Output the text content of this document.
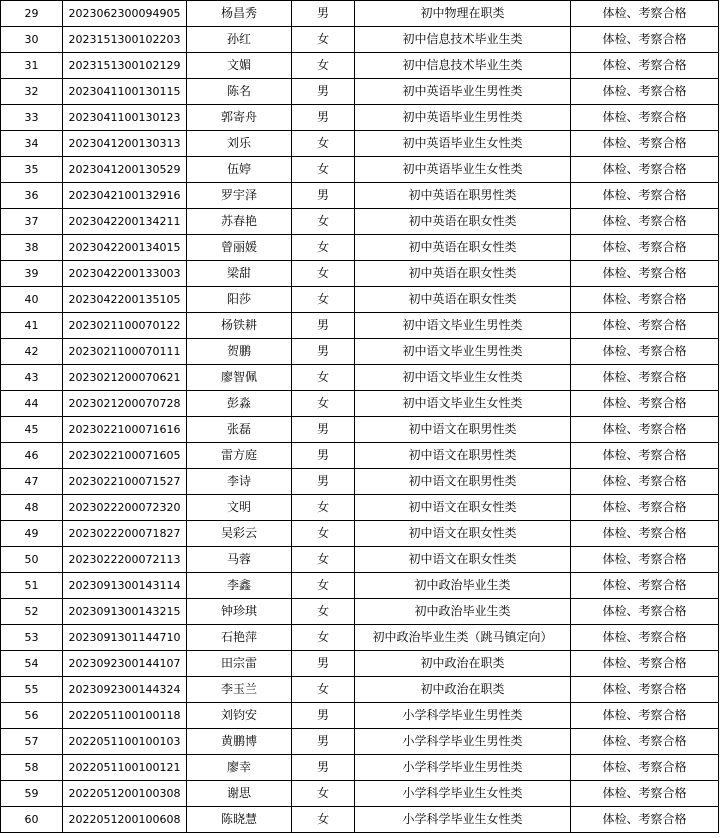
29	2023062300094905	杨昌秀	男	初中物理在职类	体检、考察合格
30	2023151300102203	孙红	女	初中信息技术毕业生类	体检、考察合格
31	2023151300102129	文媚	女	初中信息技术毕业生类	体检、考察合格
32	2023041100130115	陈名	男	初中英语毕业生男性类	体检、考察合格
33	2023041100130123	郭寄舟	男	初中英语毕业生男性类	体检、考察合格
34	2023041200130313	刘乐	女	初中英语毕业生女性类	体检、考察合格
35	2023041200130529	伍婷	女	初中英语毕业生女性类	体检、考察合格
36	2023042100132916	罗宇泽	男	初中英语在职男性类	体检、考察合格
37	2023042200134211	苏春艳	女	初中英语在职女性类	体检、考察合格
38	2023042200134015	曾丽媛	女	初中英语在职女性类	体检、考察合格
39	2023042200133003	梁甜	女	初中英语在职女性类	体检、考察合格
40	2023042200135105	阳莎	女	初中英语在职女性类	体检、考察合格
41	2023021100070122	杨铁耕	男	初中语文毕业生男性类	体检、考察合格
42	2023021100070111	贺鹏	男	初中语文毕业生男性类	体检、考察合格
43	2023021200070621	廖智佩	女	初中语文毕业生女性类	体检、考察合格
44	2023021200070728	彭淼	女	初中语文毕业生女性类	体检、考察合格
45	2023022100071616	张磊	男	初中语文在职男性类	体检、考察合格
46	2023022100071605	雷方庭	男	初中语文在职男性类	体检、考察合格
47	2023022100071527	李诗	男	初中语文在职男性类	体检、考察合格
48	2023022200072320	文明	女	初中语文在职女性类	体检、考察合格
49	2023022200071827	吴彩云	女	初中语文在职女性类	体检、考察合格
50	2023022200072113	马蓉	女	初中语文在职女性类	体检、考察合格
51	2023091300143114	李鑫	女	初中政治毕业生类	体检、考察合格
52	2023091300143215	钟珍琪	女	初中政治毕业生类	体检、考察合格
53	2023091301144710	石艳萍	女	初中政治毕业生类（跳马镇定向）	体检、考察合格
54	2023092300144107	田宗雷	男	初中政治在职类	体检、考察合格
55	2023092300144324	李玉兰	女	初中政治在职类	体检、考察合格
56	2022051100100118	刘钧安	男	小学科学毕业生男性类	体检、考察合格
57	2022051100100103	黄鹏博	男	小学科学毕业生男性类	体检、考察合格
58	2022051100100121	廖幸	男	小学科学毕业生男性类	体检、考察合格
59	2022051200100308	谢思	女	小学科学毕业生女性类	体检、考察合格
60	2022051200100608	陈晓慧	女	小学科学毕业生女性类	体检、考察合格
